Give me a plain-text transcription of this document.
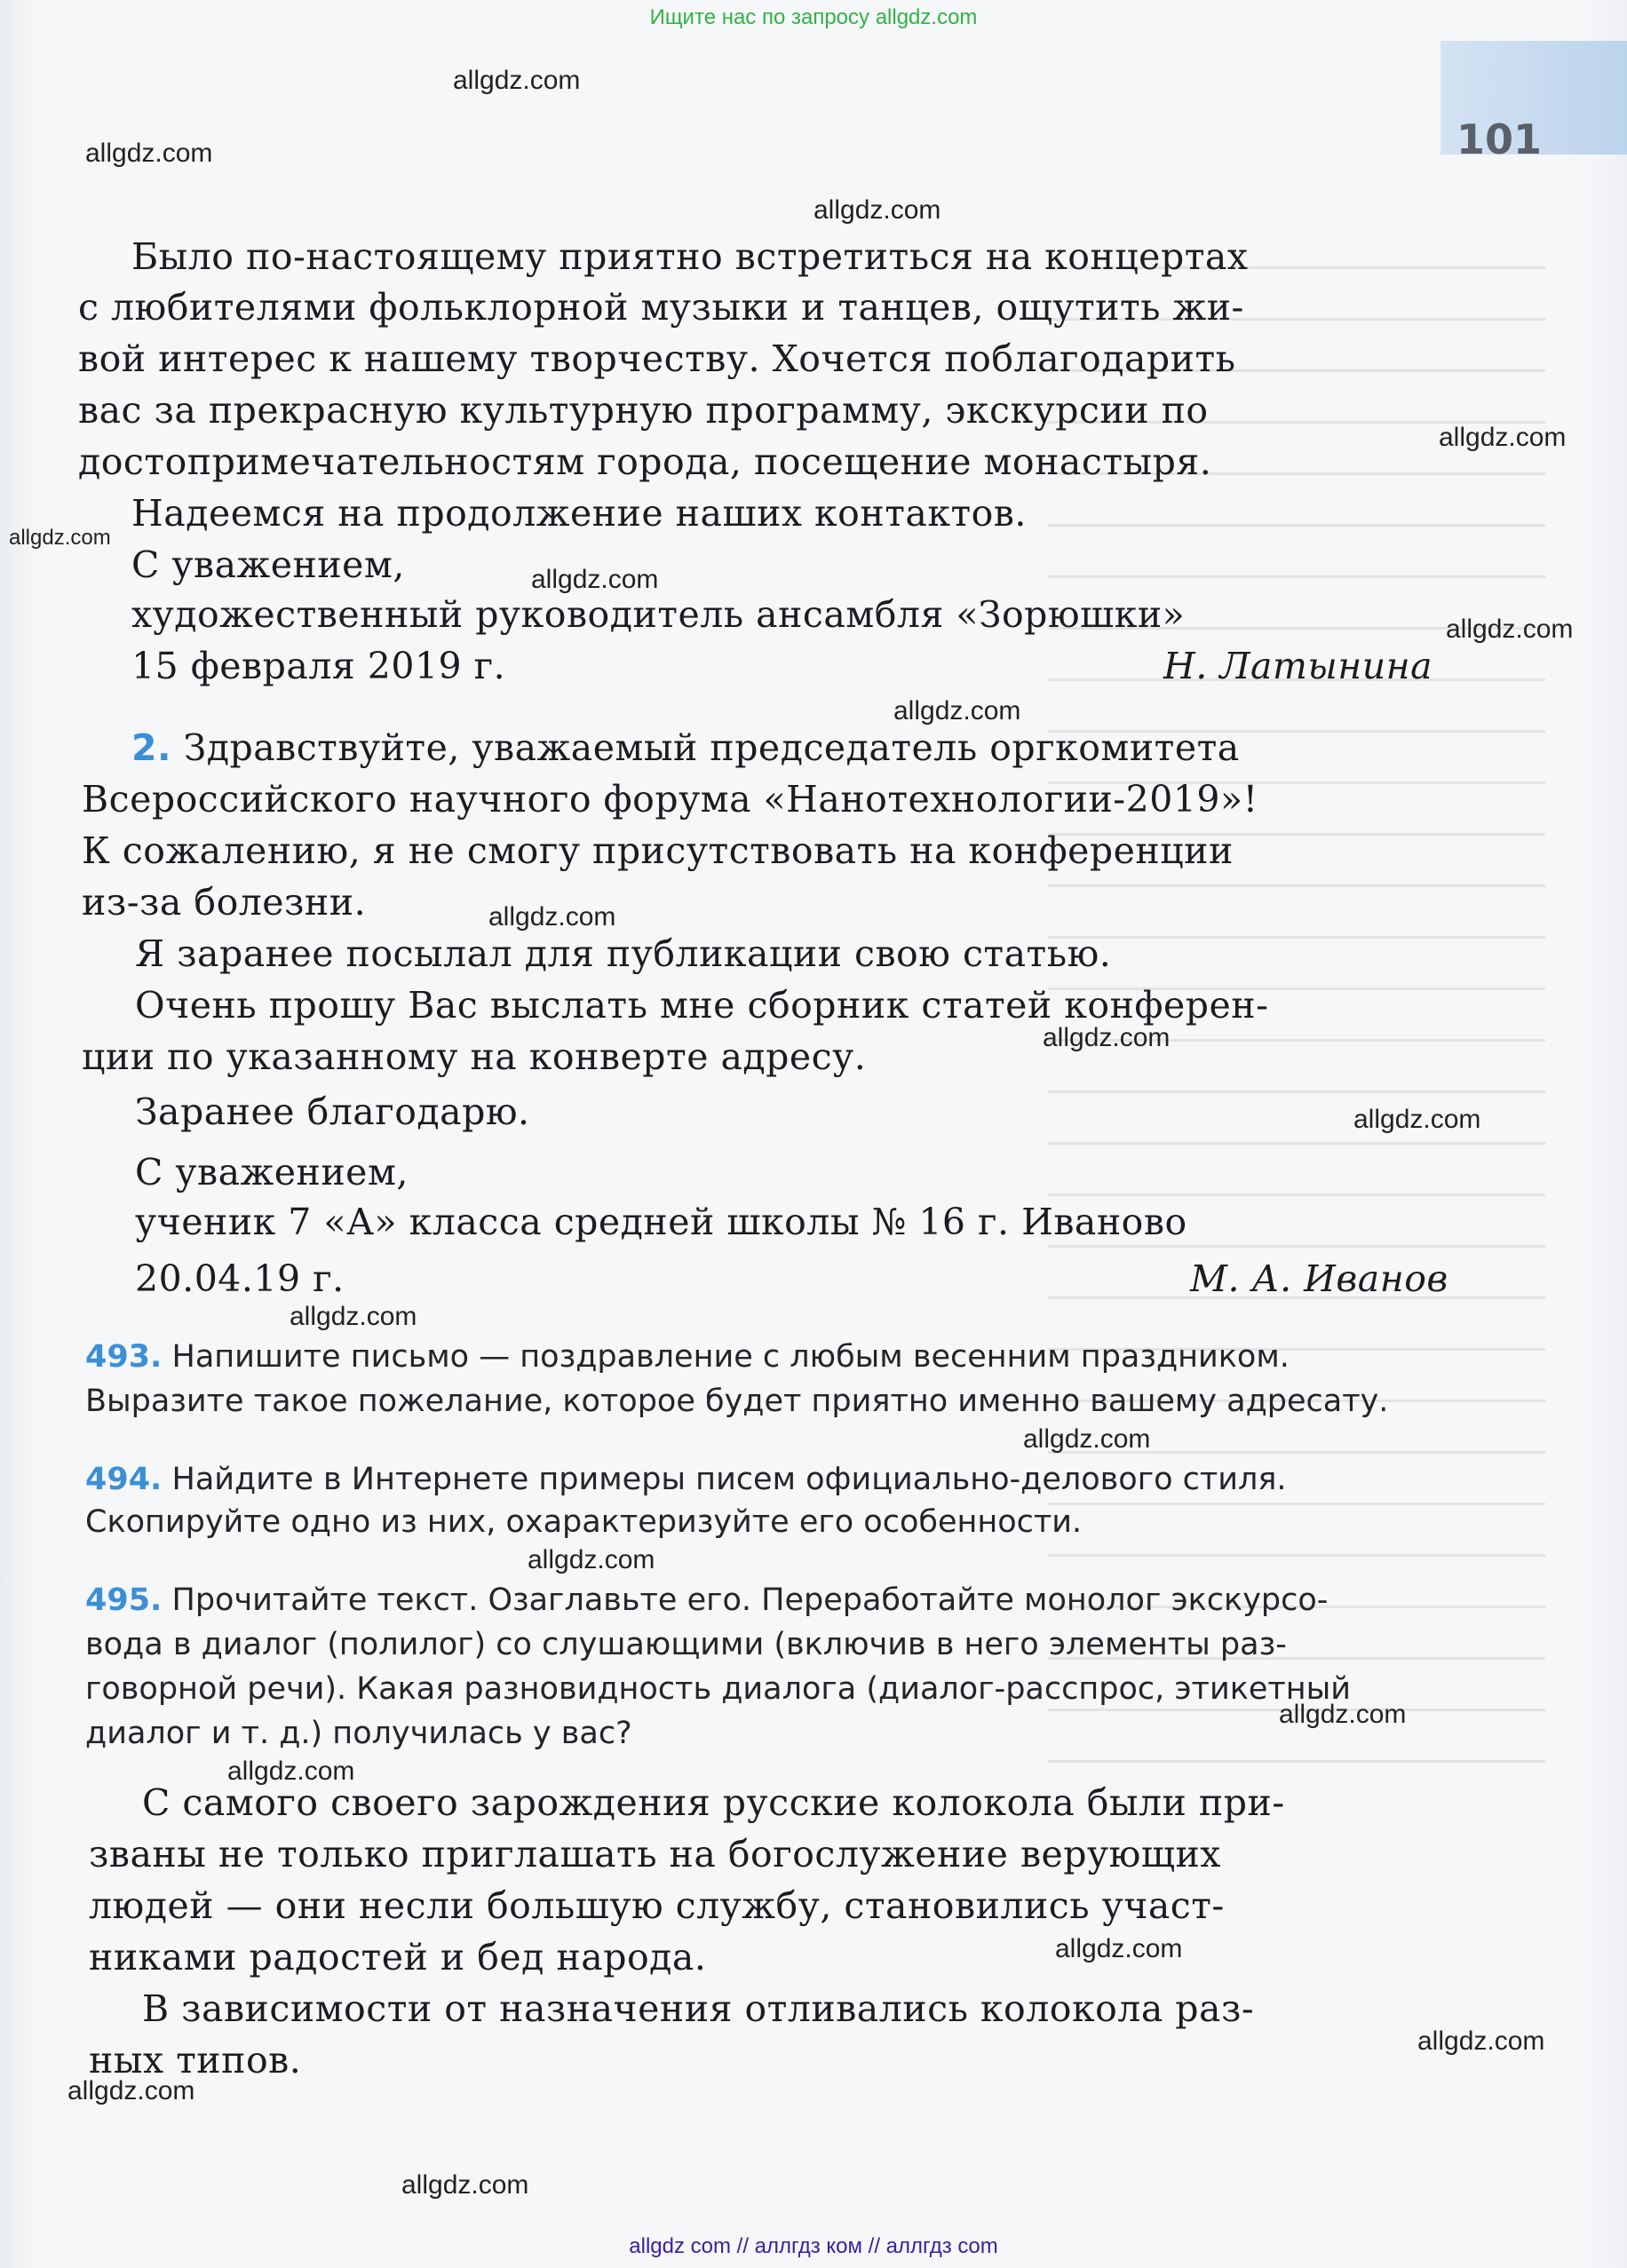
101
Ищите нас по запросу allgdz.com
Было по-настоящему приятно встретиться на концертах
с любителями фольклорной музыки и танцев, ощутить жи-
вой интерес к нашему творчеству. Хочется поблагодарить
вас за прекрасную культурную программу, экскурсии по
достопримечательностям города, посещение монастыря.
Надеемся на продолжение наших контактов.
С уважением,
художественный руководитель ансамбля «Зорюшки»
15 февраля 2019 г.	Н. Латынина
2. Здравствуйте, уважаемый председатель оргкомитета
Всероссийского научного форума «Нанотехнологии-2019»!
К сожалению, я не смогу присутствовать на конференции
из-за болезни.
Я заранее посылал для публикации свою статью.
Очень прошу Вас выслать мне сборник статей конферен-
ции по указанному на конверте адресу.
Заранее благодарю.
С уважением,
ученик 7 «А» класса средней школы № 16 г. Иваново
20.04.19 г.	М. А. Иванов
493. Напишите письмо — поздравление с любым весенним праздником.
Выразите такое пожелание, которое будет приятно именно вашему адресату.
494. Найдите в Интернете примеры писем официально-делового стиля.
Скопируйте одно из них, охарактеризуйте его особенности.
495. Прочитайте текст. Озаглавьте его. Переработайте монолог экскурсо-
вода в диалог (полилог) со слушающими (включив в него элементы раз-
говорной речи). Какая разновидность диалога (диалог-расспрос, этикетный
диалог и т. д.) получилась у вас?
С самого своего зарождения русские колокола были при-
званы не только приглашать на богослужение верующих
людей — они несли большую службу, становились участ-
никами радостей и бед народа.
В зависимости от назначения отливались колокола раз-
ных типов.
allgdz.com
allgdz.com
allgdz.com
allgdz.com
allgdz.com
allgdz.com
allgdz.com
allgdz.com
allgdz.com
allgdz.com
allgdz.com
allgdz.com
allgdz.com
allgdz.com
allgdz.com
allgdz.com
allgdz.com
allgdz.com
allgdz.com
allgdz.com
allgdz com // аллгдз ком // аллгдз com
